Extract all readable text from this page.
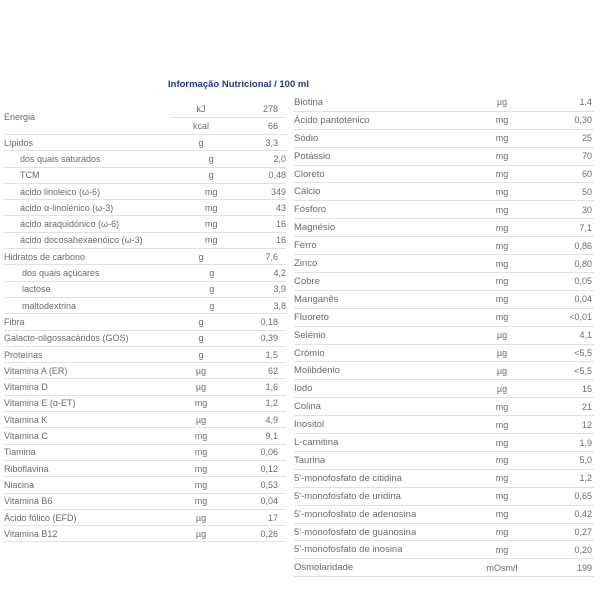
Informação Nutricional / 100 ml
Energia
kJ	278
kcal	66
Lípidos	g	3,3
dos quais saturados	g	2,0
TCM	g	0,48
ácido linoleico (ω-6)	mg	349
ácido α-linolénico (ω-3)	mg	43
ácido araquidónico (ω-6)	mg	16
ácido docosahexaenóico (ω-3)	mg	16
Hidratos de carbono	g	7,6
dos quais açúcares	g	4,2
lactose	g	3,9
maltodextrina	g	3,8
Fibra	g	0,18
Galacto-oligossacáridos (GOS)	g	0,39
Proteínas	g	1,5
Vitamina A (ER)	µg	62
Vitamina D	µg	1,6
Vitamina E (α-ET)	mg	1,2
Vitamina K	µg	4,9
Vitamina C	mg	9,1
Tiamina	mg	0,06
Riboflavina	mg	0,12
Niacina	mg	0,53
Vitamina B6	mg	0,04
Ácido fólico (EFD)	µg	17
Vitamina B12	µg	0,26
Biotina	µg	1,4
Ácido pantoténico	mg	0,30
Sódio	mg	25
Potássio	mg	70
Cloreto	mg	60
Cálcio	mg	50
Fósforo	mg	30
Magnésio	mg	7,1
Ferro	mg	0,86
Zinco	mg	0,80
Cobre	mg	0,05
Manganês	mg	0,04
Fluoreto	mg	<0,01
Selénio	µg	4,1
Crómio	µg	<5,5
Molibdénio	µg	<5,5
Iodo	µg	15
Colina	mg	21
Inositol	mg	12
L-carnitina	mg	1,9
Taurina	mg	5,0
5'-monofosfato de citidina	mg	1,2
5'-monofosfato de uridina	mg	0,65
5'-monofosfato de adenosina	mg	0,42
5'-monofosfato de guanosina	mg	0,27
5'-monofosfato de inosina	mg	0,20
Osmolaridade	mOsm/l	199
